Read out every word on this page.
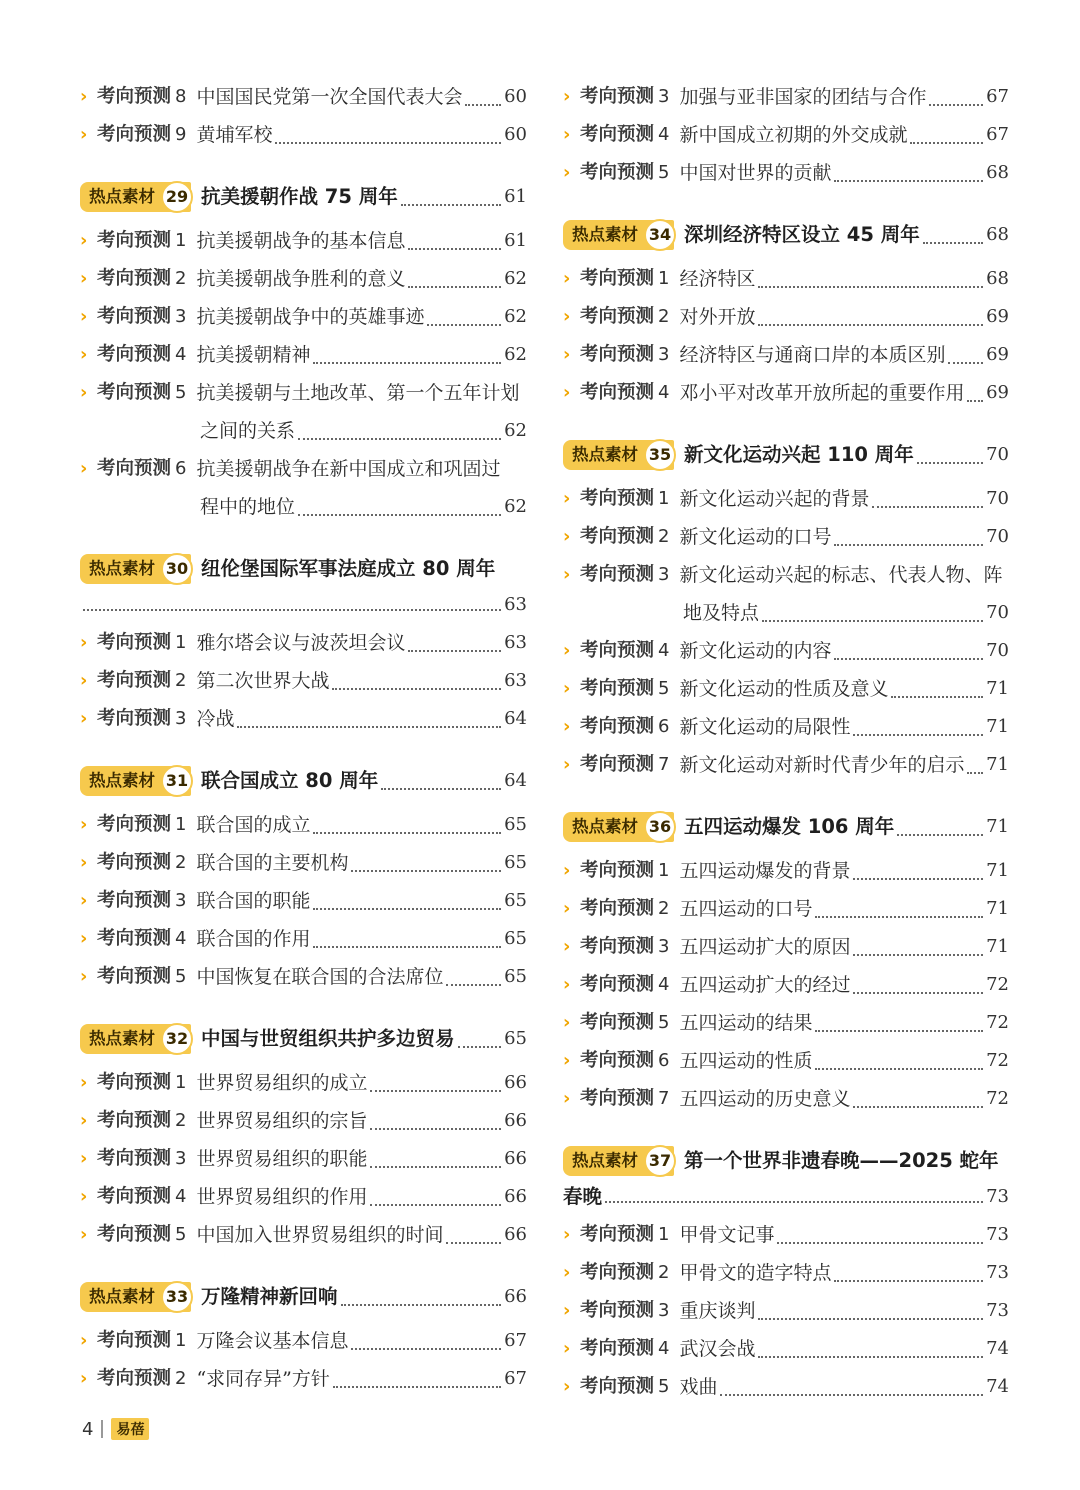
› 考向预测 8 中国国民党第一次全国代表大会 60
› 考向预测 9 黄埔军校	60
热点素材 29 抗美援朝作战 75 周年	61
› 考向预测 1 抗美援朝战争的基本信息	61
› 考向预测 2 抗美援朝战争胜利的意义	62
› 考向预测 3 抗美援朝战争中的英雄事迹	62
› 考向预测 4 抗美援朝精神	62
› 考向预测 5 抗美援朝与土地改革、第一个五年计划
之间的关系	62
› 考向预测 6 抗美援朝战争在新中国成立和巩固过
程中的地位	62
热点素材 30 纽伦堡国际军事法庭成立 80 周年
63
› 考向预测 1 雅尔塔会议与波茨坦会议	63
› 考向预测 2 第二次世界大战	63
› 考向预测 3 冷战	64
热点素材 31 联合国成立 80 周年	64
› 考向预测 1 联合国的成立	65
› 考向预测 2 联合国的主要机构	65
› 考向预测 3 联合国的职能	65
› 考向预测 4 联合国的作用	65
› 考向预测 5 中国恢复在联合国的合法席位	65
热点素材 32 中国与世贸组织共护多边贸易	65
› 考向预测 1 世界贸易组织的成立	66
› 考向预测 2 世界贸易组织的宗旨	66
› 考向预测 3 世界贸易组织的职能	66
› 考向预测 4 世界贸易组织的作用	66
› 考向预测 5 中国加入世界贸易组织的时间	66
热点素材 33 万隆精神新回响	66
› 考向预测 1 万隆会议基本信息	67
› 考向预测 2 “求同存异”方针	67
› 考向预测 3 加强与亚非国家的团结与合作	67
› 考向预测 4 新中国成立初期的外交成就	67
› 考向预测 5 中国对世界的贡献	68
热点素材 34 深圳经济特区设立 45 周年	68
› 考向预测 1 经济特区	68
› 考向预测 2 对外开放	69
› 考向预测 3 经济特区与通商口岸的本质区别 69
› 考向预测 4 邓小平对改革开放所起的重要作用 69
热点素材 35 新文化运动兴起 110 周年	70
› 考向预测 1 新文化运动兴起的背景	70
› 考向预测 2 新文化运动的口号	70
› 考向预测 3 新文化运动兴起的标志、代表人物、阵
地及特点	70
› 考向预测 4 新文化运动的内容	70
› 考向预测 5 新文化运动的性质及意义	71
› 考向预测 6 新文化运动的局限性	71
› 考向预测 7 新文化运动对新时代青少年的启示 71
热点素材 36 五四运动爆发 106 周年	71
› 考向预测 1 五四运动爆发的背景	71
› 考向预测 2 五四运动的口号	71
› 考向预测 3 五四运动扩大的原因	71
› 考向预测 4 五四运动扩大的经过	72
› 考向预测 5 五四运动的结果	72
› 考向预测 6 五四运动的性质	72
› 考向预测 7 五四运动的历史意义	72
热点素材 37 第一个世界非遗春晚——2025 蛇年
春晚	73
› 考向预测 1 甲骨文记事	73
› 考向预测 2 甲骨文的造字特点	73
› 考向预测 3 重庆谈判	73
› 考向预测 4 武汉会战	74
› 考向预测 5 戏曲	74
4	易蓓
